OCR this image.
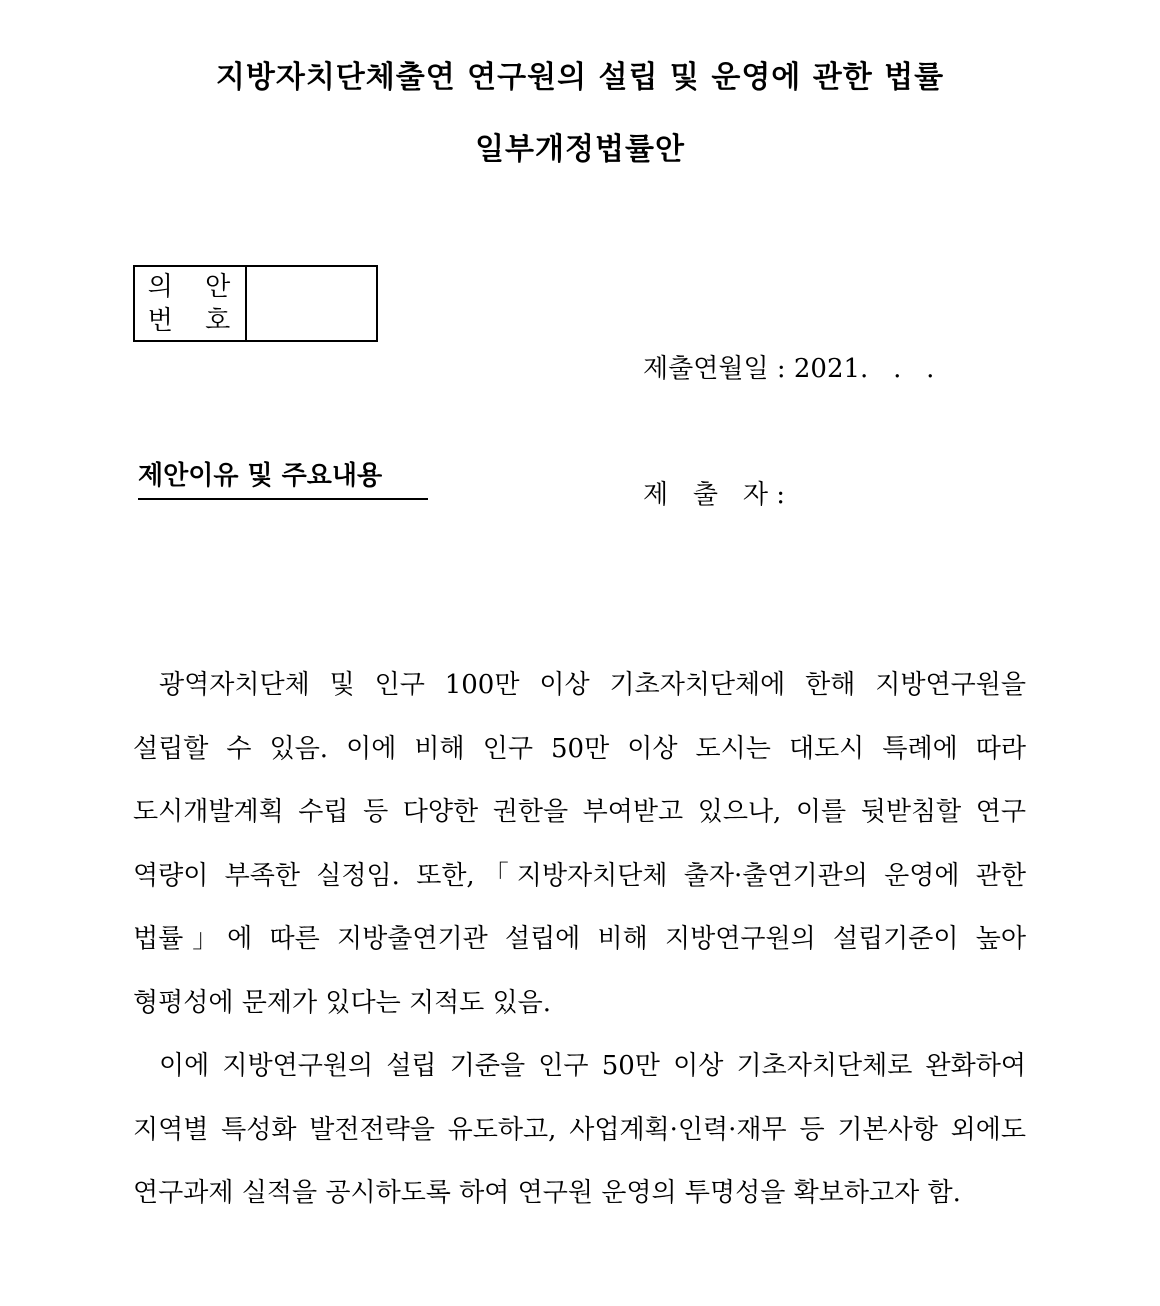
지방자치단체출연 연구원의 설립 및 운영에 관한 법률
일부개정법률안
의 안
번 호

제출연월일 : 2021.   .   .

제   출   자 :

제안이유 및 주요내용

광역자치단체 및 인구 100만 이상 기초자치단체에 한해 지방연구원을 설립할 수 있음. 이에 비해 인구 50만 이상 도시는 대도시 특례에 따라 도시개발계획 수립 등 다양한 권한을 부여받고 있으나, 이를 뒷받침할 연구 역량이 부족한 실정임. 또한,「지방자치단체 출자·출연기관의 운영에 관한 법률」에 따른 지방출연기관 설립에 비해 지방연구원의 설립기준이 높아 형평성에 문제가 있다는 지적도 있음.

이에 지방연구원의 설립 기준을 인구 50만 이상 기초자치단체로 완화하여 지역별 특성화 발전전략을 유도하고, 사업계획·인력·재무 등 기본사항 외에도 연구과제 실적을 공시하도록 하여 연구원 운영의 투명성을 확보하고자 함.
